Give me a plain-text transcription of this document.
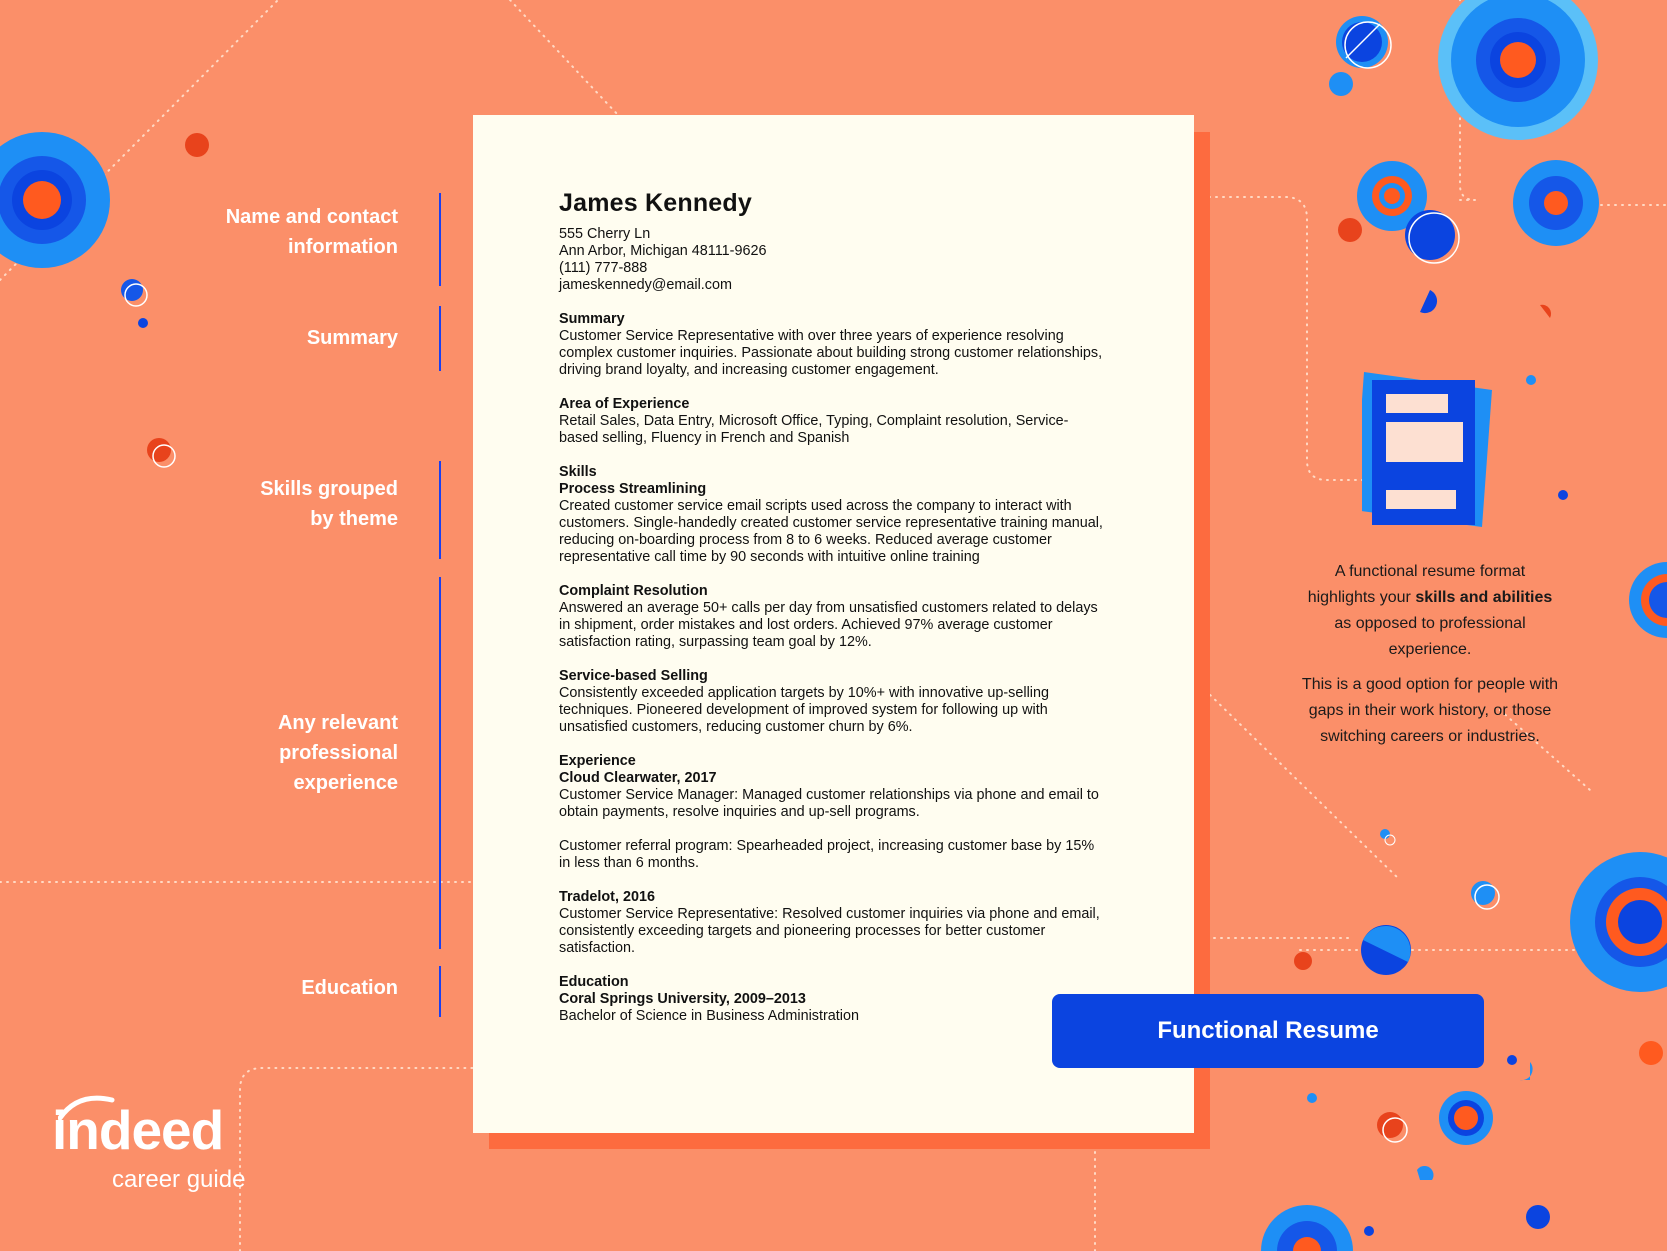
Name and contact
information
Summary
Skills grouped
by theme
Any relevant
professional
experience
Education
James Kennedy
555 Cherry Ln
Ann Arbor, Michigan 48111-9626
(111) 777-888
jameskennedy@email.com
Summary
Customer Service Representative with over three years of experience resolving complex customer inquiries. Passionate about building strong customer relationships, driving brand loyalty, and increasing customer engagement.
Area of Experience
Retail Sales, Data Entry, Microsoft Office, Typing, Complaint resolution, Service-based selling, Fluency in French and Spanish
Skills
Process Streamlining
Created customer service email scripts used across the company to interact with customers. Single-handedly created customer service representative training manual, reducing on-boarding process from 8 to 6 weeks. Reduced average customer representative call time by 90 seconds with intuitive online training
Complaint Resolution
Answered an average 50+ calls per day from unsatisfied customers related to delays in shipment, order mistakes and lost orders. Achieved 97% average customer satisfaction rating, surpassing team goal by 12%.
Service-based Selling
Consistently exceeded application targets by 10%+ with innovative up-selling techniques. Pioneered development of improved system for following up with unsatisfied customers, reducing customer churn by 6%.
Experience
Cloud Clearwater, 2017
Customer Service Manager: Managed customer relationships via phone and email to obtain payments, resolve inquiries and up-sell programs.
Customer referral program: Spearheaded project, increasing customer base by 15% in less than 6 months.
Tradelot, 2016
Customer Service Representative: Resolved customer inquiries via phone and email, consistently exceeding targets and pioneering processes for better customer satisfaction.
Education
Coral Springs University, 2009–2013
Bachelor of Science in Business Administration

A functional resume format highlights your skills and abilities as opposed to professional experience.

This is a good option for people with gaps in their work history, or those switching careers or industries.

Functional Resume
indeed
career guide
